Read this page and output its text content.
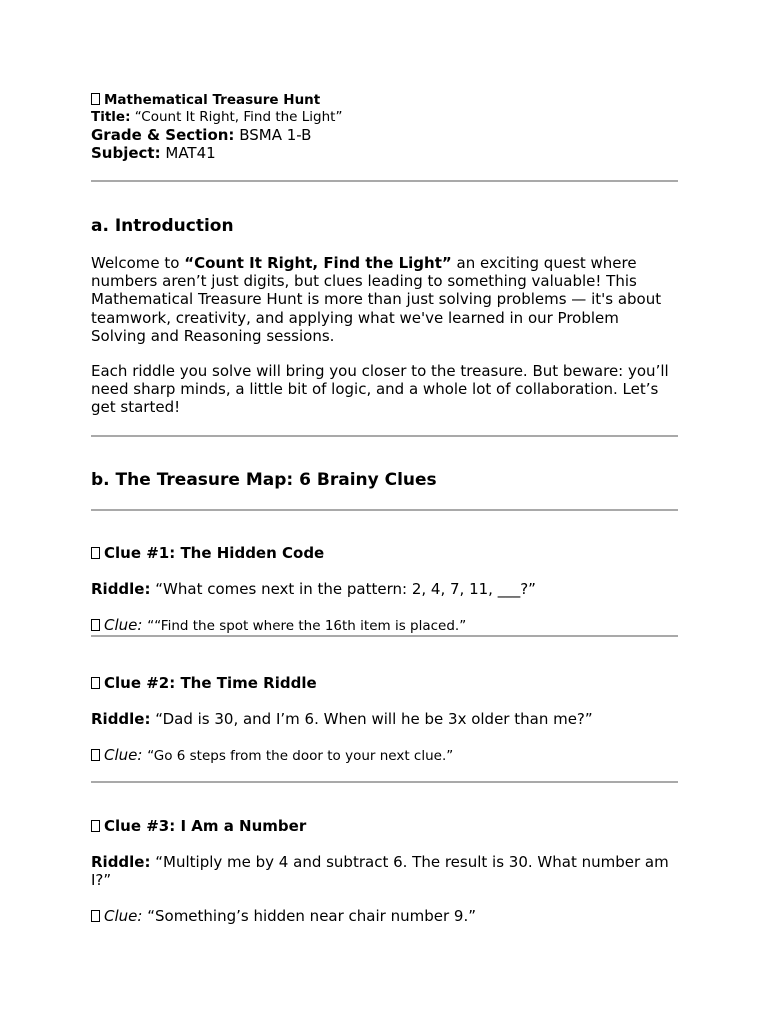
Mathematical Treasure Hunt
Title: “Count It Right, Find the Light”
Grade & Section: BSMA 1-B
Subject: MAT41
a. Introduction
Welcome to “Count It Right, Find the Light” an exciting quest where numbers aren’t just digits, but clues leading to something valuable! This Mathematical Treasure Hunt is more than just solving problems — it's about teamwork, creativity, and applying what we've learned in our Problem Solving and Reasoning sessions.
Each riddle you solve will bring you closer to the treasure. But beware: you’ll need sharp minds, a little bit of logic, and a whole lot of collaboration. Let’s get started!
b. The Treasure Map: 6 Brainy Clues
Clue #1: The Hidden Code
Riddle: “What comes next in the pattern: 2, 4, 7, 11, ___?”
Clue: ““Find the spot where the 16th item is placed.”
Clue #2: The Time Riddle
Riddle: “Dad is 30, and I’m 6. When will he be 3x older than me?”
Clue: “Go 6 steps from the door to your next clue.”
Clue #3: I Am a Number
Riddle: “Multiply me by 4 and subtract 6. The result is 30. What number am I?”
Clue: “Something’s hidden near chair number 9.”
